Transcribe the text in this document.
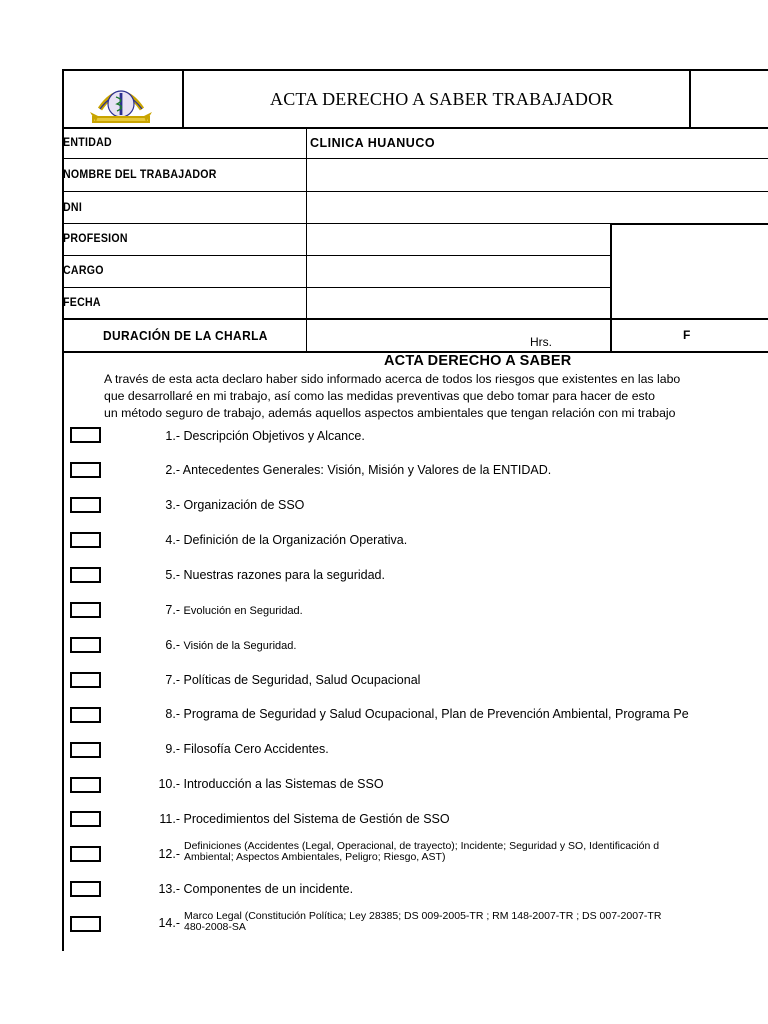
ACTA DERECHO A SABER TRABAJADOR
ENTIDAD	CLINICA HUANUCO
NOMBRE DEL TRABAJADOR
DNI
PROFESION
CARGO
FECHA
DURACIÓN DE LA CHARLA	Hrs.	F
ACTA DERECHO A SABER
A través de esta acta declaro haber sido informado acerca de todos los riesgos que existentes en las labo
que desarrollaré en mi trabajo, así como las medidas preventivas que debo tomar para hacer de esto
un método seguro de trabajo, además aquellos aspectos ambientales que tengan relación con mi trabajo
1.- Descripción Objetivos y Alcance.
2.- Antecedentes Generales: Visión, Misión y Valores de la ENTIDAD.
3.- Organización de SSO
4.- Definición de la Organización Operativa.
5.- Nuestras razones para la seguridad.
7.- Evolución en Seguridad.
6.- Visión de la Seguridad.
7.- Políticas de Seguridad, Salud Ocupacional
8.- Programa de Seguridad y Salud Ocupacional, Plan de Prevención Ambiental, Programa Pe
9.- Filosofía Cero Accidentes.
10.- Introducción a las Sistemas de SSO
11.- Procedimientos del Sistema de Gestión de SSO
12.-
Definiciones (Accidentes (Legal, Operacional, de trayecto); Incidente; Seguridad y SO, Identificación d
Ambiental; Aspectos Ambientales, Peligro; Riesgo, AST)
13.- Componentes de un incidente.
14.- Marco Legal (Constitución Política; Ley 28385; DS 009-2005-TR ; RM 148-2007-TR ; DS 007-2007-TR
480-2008-SA
